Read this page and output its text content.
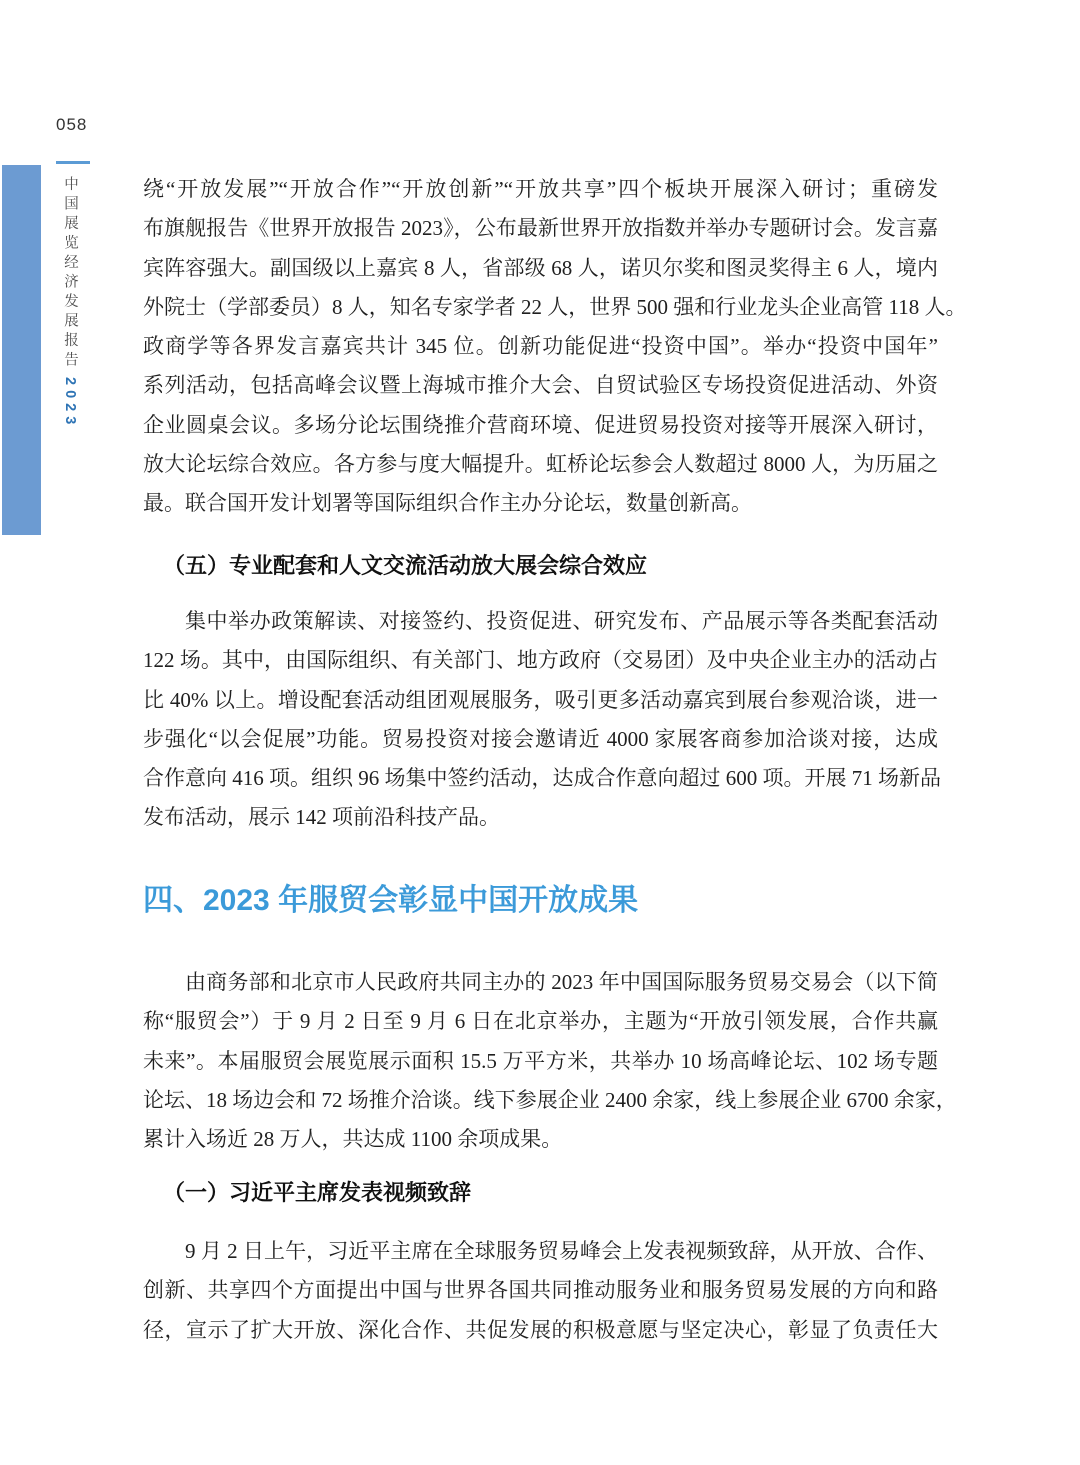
058
中国展览经济发展报告2023
绕“开放发展”“开放合作”“开放创新”“开放共享”四个板块开展深入研讨；重磅发
布旗舰报告《世界开放报告 2023》，公布最新世界开放指数并举办专题研讨会。发言嘉
宾阵容强大。副国级以上嘉宾 8 人，省部级 68 人，诺贝尔奖和图灵奖得主 6 人，境内
外院士（学部委员）8 人，知名专家学者 22 人，世界 500 强和行业龙头企业高管 118 人。
政商学等各界发言嘉宾共计 345 位。创新功能促进“投资中国”。举办“投资中国年”
系列活动，包括高峰会议暨上海城市推介大会、自贸试验区专场投资促进活动、外资
企业圆桌会议。多场分论坛围绕推介营商环境、促进贸易投资对接等开展深入研讨，
放大论坛综合效应。各方参与度大幅提升。虹桥论坛参会人数超过 8000 人，为历届之
最。联合国开发计划署等国际组织合作主办分论坛，数量创新高。
（五）专业配套和人文交流活动放大展会综合效应
集中举办政策解读、对接签约、投资促进、研究发布、产品展示等各类配套活动
122 场。其中，由国际组织、有关部门、地方政府（交易团）及中央企业主办的活动占
比 40% 以上。增设配套活动组团观展服务，吸引更多活动嘉宾到展台参观洽谈，进一
步强化“以会促展”功能。贸易投资对接会邀请近 4000 家展客商参加洽谈对接，达成
合作意向 416 项。组织 96 场集中签约活动，达成合作意向超过 600 项。开展 71 场新品
发布活动，展示 142 项前沿科技产品。
四、2023 年服贸会彰显中国开放成果
由商务部和北京市人民政府共同主办的 2023 年中国国际服务贸易交易会（以下简
称“服贸会”）于 9 月 2 日至 9 月 6 日在北京举办，主题为“开放引领发展，合作共赢
未来”。本届服贸会展览展示面积 15.5 万平方米，共举办 10 场高峰论坛、102 场专题
论坛、18 场边会和 72 场推介洽谈。线下参展企业 2400 余家，线上参展企业 6700 余家，
累计入场近 28 万人，共达成 1100 余项成果。
（一）习近平主席发表视频致辞
9 月 2 日上午，习近平主席在全球服务贸易峰会上发表视频致辞，从开放、合作、
创新、共享四个方面提出中国与世界各国共同推动服务业和服务贸易发展的方向和路
径，宣示了扩大开放、深化合作、共促发展的积极意愿与坚定决心，彰显了负责任大
